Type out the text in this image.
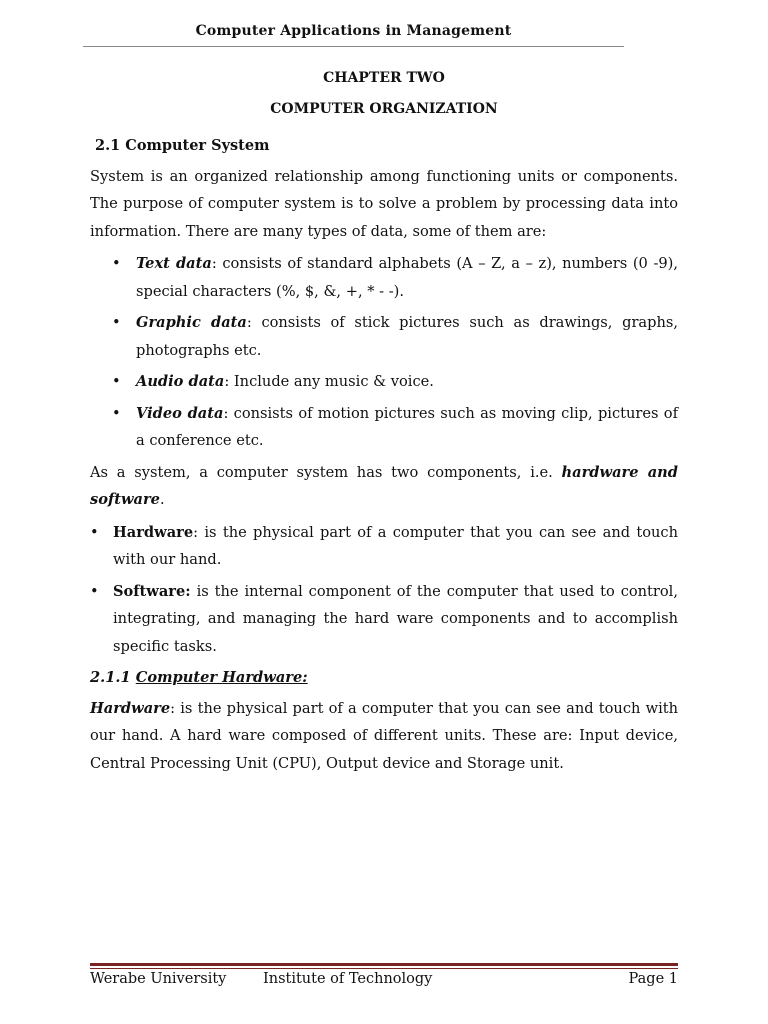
Computer Applications in Management
CHAPTER TWO
COMPUTER ORGANIZATION
2.1 Computer System

System is an organized relationship among functioning units or components. The purpose of computer system is to solve a problem by processing data into information. There are many types of data, some of them are:

• Text data: consists of standard alphabets (A – Z, a – z), numbers (0 -9), special characters (%, $, &, +, * - -).
• Graphic data: consists of stick pictures such as drawings, graphs, photographs etc.
• Audio data: Include any music & voice.
• Video data: consists of motion pictures such as moving clip, pictures of a conference etc.

As a system, a computer system has two components, i.e. hardware and software.

• Hardware: is the physical part of a computer that you can see and touch with our hand.
• Software: is the internal component of the computer that used to control, integrating, and managing the hard ware components and to accomplish specific tasks.
2.1.1 Computer Hardware:

Hardware: is the physical part of a computer that you can see and touch with our hand. A hard ware composed of different units. These are: Input device, Central Processing Unit (CPU), Output device and Storage unit.

Werabe University	Institute of Technology	Page 1
